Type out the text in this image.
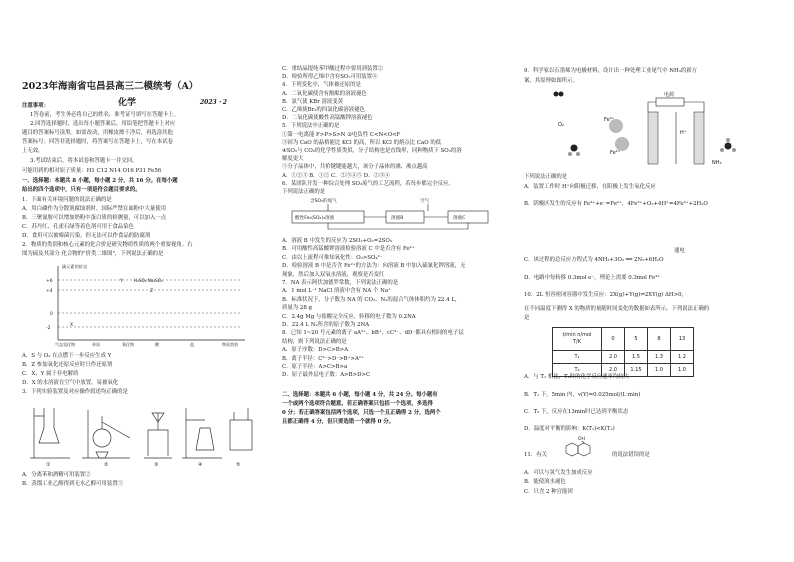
2023年海南省屯昌县高三二模统考（A）
化学	2023・2
注意事项：
1答卷前，考生务必将自己的姓名、准考证号填写在答题卡上。
2.回答选择题时，选出每小题答案后，用铅笔把答题卡上对应
题目的答案标号涂黑。如需改动，用橡皮擦干净后，再选涂其他
答案标号。回答非选择题时，将答案写在答题卡上，写在本试卷
上无效。
3.考试结束后，将本试卷和答题卡一并交回。
可能用到的相对原子质量：H1 C12 N14 O16 P31 Fe56
一、选择题：本题共 8 小题，每小题 2 分，共 16 分。在每小题
给出的四个选项中，只有一项是符合题目要求的。
1．下面有关环境问题的说法正确的是
A．用白磷作为分散剂腐蚀剂时，国际严禁在面粉中大量使用
B．三聚氰胺可以增加奶粉中蛋白质的检测量，可以加入一点
C．苏丹红、孔雀石绿等着色剂可用于食品染色
D．食用可以被霉菌污染，但无法可以作食品的防腐剂
2．物质的类别和核心元素的化合价是研究物质性质的两个重要视角。右
图为硫及其部分 化合物的"价类二维图"，下列说法正确的是
硫元素的价态
+6
+4
0
-2
Y	H₂SO₄ Na₂SO₄
Z
X
气态氢化物	单质	氧化物	酸	盐	物质类别
A．S 与 O₂ 在点燃下一步反应生成 Y
B．Z 参加氧化还原反应时只作还原剂
C．X、Y 属于非电解质
D．X 的水溶液在空气中放置，易被氧化
3．下列实验装置及对应操作叙述均正确的是
①	②	③	④	⑤
A．分离苯和酒精可用装置②
B．蒸馏工业乙醇得到无水乙醇可用装置⑤
C．重结晶提纯苯甲酸过程中要用到装置②
D．检验所得乙烯中含有SO₂可用装置④
4．下列变化中，气体被还原的是
A．二氧化碳使含有酚酞的溶液褪色
B．氯气使 KBr 溶液变黄
C．乙烯使Br₂的四氯化碳溶液褪色
D．二氧化碳使酸性高锰酸钾溶液褪色
5．下列说法中正确的是
①第一电离能 F>P>S>N ②电负性 C<N<O<F
③因为 CaO 的晶格能比 KCl 的高，所以 KCl 的熔点比 CaO 的低
④SO₂与 CO₂的化学性质类似，分子结构也是直线形，同种物质下 SO₂的溶
解度更大
⑤分子晶体中，共价键键能越大，该分子晶体的沸、沸点越高
A．①②③ B．①② C．②③④⑤ D．②③④
6．某团队开发一种综合处理 SO₂废气的工艺流程，若每步都完全反应。
下列说法正确的是
含SO₂的尾气	空气
酸性Fe₂(SO₄)₃溶液	溶液B	溶液C
A．溶液 B 中发生的反应为 2SO₂+O₂=2SO₃
B．可用酸性高锰酸钾溶液检验溶液 C 中是否含有 Fe²⁺
C．由以上流程可推知氧化性：O₂>SO₄²⁻
D．检验溶液 B 中是否含 Fe²⁺的方法为：向溶液 B 中加入硫氰化钾溶液，无
现象，然后加入双氧水溶液，观察是否变红
7．NA 表示阿伏加德罗常数，下列说法正确的是
A．1 mol L⁻¹ NaCl 溶液中含有 NA 个 Na⁺
B．标准状况下，分子数为 NA 的 CO₂、N₂的混合气体体积约为 22.4 L，
质量为 28 g
C．2.4g Mg 与盐酸完全反应，转移的电子数为 0.2NA
D．22.4 L N₂所含的原子数为 2NA
8．已知 1~20 号元素的离子 aA²⁺、bB⁺、cC³⁻、dD⁻都具有相同的电子层
结构，则下列说法正确的是
A．原子序数：D>C>B>A
B．离子半径：C³⁻>D⁻>B⁺>A²⁺
C．原子半径：A>C>B>a
D．原子最外层电子数：A>B>D>C
二、选择题：本题共 6 小题，每小题 4 分，共 24 分。每小题有
一个或两个选项符合题意。若正确答案只包括一个选项，多选得
0 分；若正确答案包括两个选项，只选一个且正确得 2 分，选两个
且都正确得 4 分，但只要选错一个就得 0 分。
9．科学家以石墨烯为电极材料，设计出一种处理工业尾气中 NH₃的新方
案，其原理如图所示。
电源
O₂
Fe³⁺
Fe²⁺
H⁺
NH₃
下列说法正确的是
A．装置工作时 H⁺向阳极迁移，在阳极上发生氧化反应
B．阴极区发生的反应有 Fe³⁺+e⁻=Fe²⁺，4Fe²⁺+O₂+4H⁺=4Fe³⁺+2H₂O
通电
C．该过程的总反应方程式为 4NH₃+3O₂ ══ 2N₂+6H₂O
D．电路中每转移 0.3mol e⁻，理论上需要 0.3mol Fe³⁺
10．2L 恒容密闭容器中发生反应：2X(g)+Y(g)⇌2XY(g) ΔH>0，
在不同温度下测得 X 的物质的量随时间变化的数据如表所示，下列说法正确的
是
t/min n/mol
T/K	0	5	8	13
T₁	2.0	1.5	1.3	1.2
T₂	2.0	1.15	1.0	1.0
A．与 T₁ 相比，T₂时的化学反应速率均较大
B．T₁ 下，5min 内，v(Y)=0.025mol/(L·min)
C．T₂ 下，反应在13min时已达到平衡状态
D．温度对平衡的影响：K(T₁)<K(T₂)
11．有关
OH
的说法错误的是
A．可以与氢气发生加成反应
B．能使溴水褪色
C．只含 2 种官能团
